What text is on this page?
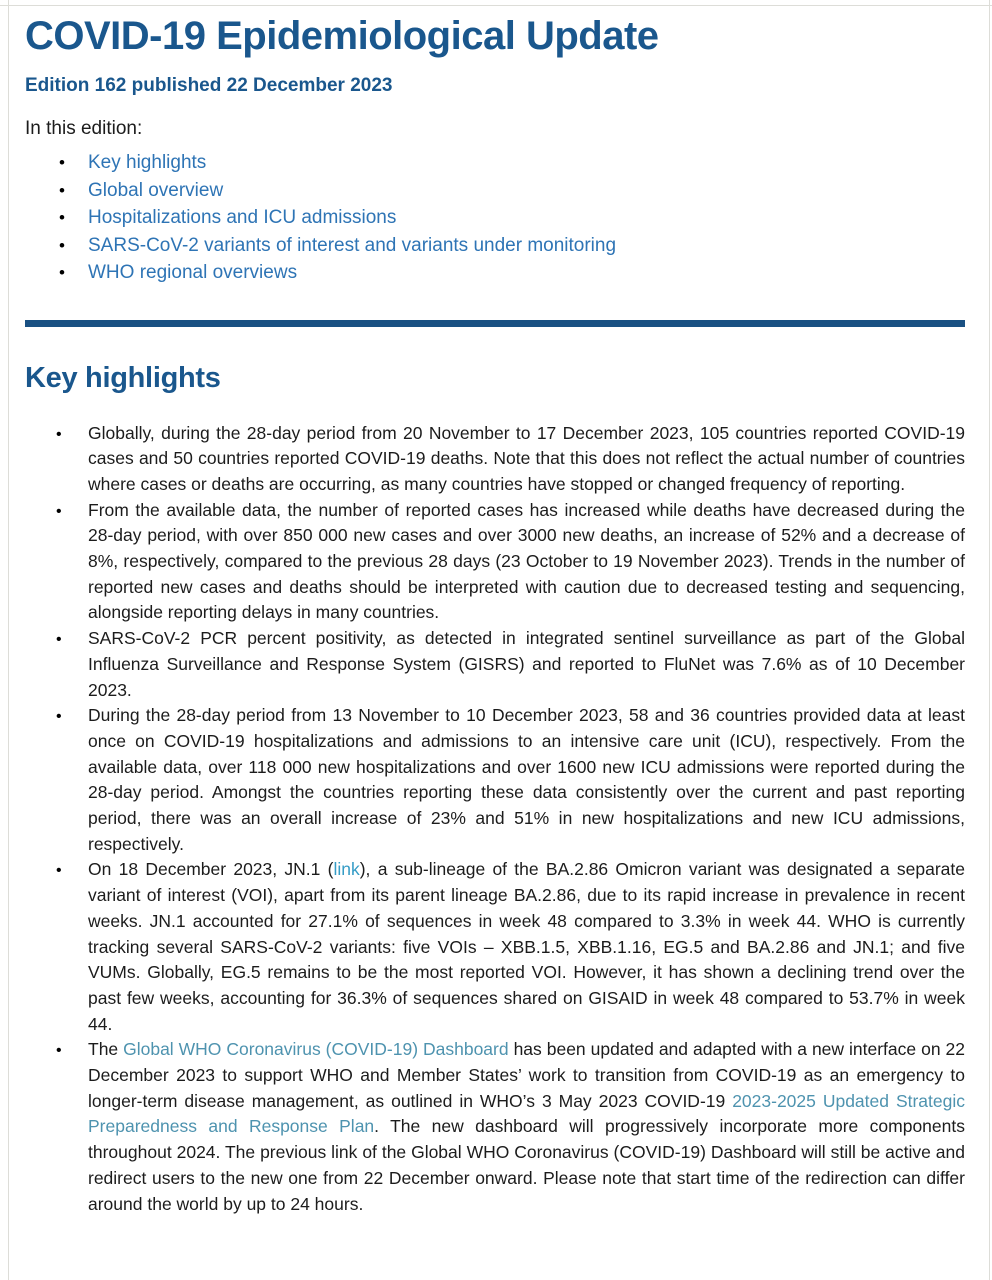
COVID-19 Epidemiological Update
Edition 162 published 22 December 2023
In this edition:
• Key highlights
• Global overview
• Hospitalizations and ICU admissions
• SARS-CoV-2 variants of interest and variants under monitoring
• WHO regional overviews
Key highlights
• Globally, during the 28-day period from 20 November to 17 December 2023, 105 countries reported COVID-19 cases and 50 countries reported COVID-19 deaths. Note that this does not reflect the actual number of countries where cases or deaths are occurring, as many countries have stopped or changed frequency of reporting.
• From the available data, the number of reported cases has increased while deaths have decreased during the 28-day period, with over 850 000 new cases and over 3000 new deaths, an increase of 52% and a decrease of 8%, respectively, compared to the previous 28 days (23 October to 19 November 2023). Trends in the number of reported new cases and deaths should be interpreted with caution due to decreased testing and sequencing, alongside reporting delays in many countries.
• SARS-CoV-2 PCR percent positivity, as detected in integrated sentinel surveillance as part of the Global Influenza Surveillance and Response System (GISRS) and reported to FluNet was 7.6% as of 10 December 2023.
• During the 28-day period from 13 November to 10 December 2023, 58 and 36 countries provided data at least once on COVID-19 hospitalizations and admissions to an intensive care unit (ICU), respectively. From the available data, over 118 000 new hospitalizations and over 1600 new ICU admissions were reported during the 28-day period. Amongst the countries reporting these data consistently over the current and past reporting period, there was an overall increase of 23% and 51% in new hospitalizations and new ICU admissions, respectively.
• On 18 December 2023, JN.1 (link), a sub-lineage of the BA.2.86 Omicron variant was designated a separate variant of interest (VOI), apart from its parent lineage BA.2.86, due to its rapid increase in prevalence in recent weeks. JN.1 accounted for 27.1% of sequences in week 48 compared to 3.3% in week 44. WHO is currently tracking several SARS-CoV-2 variants: five VOIs – XBB.1.5, XBB.1.16, EG.5 and BA.2.86 and JN.1; and five VUMs. Globally, EG.5 remains to be the most reported VOI. However, it has shown a declining trend over the past few weeks, accounting for 36.3% of sequences shared on GISAID in week 48 compared to 53.7% in week 44.
• The Global WHO Coronavirus (COVID-19) Dashboard has been updated and adapted with a new interface on 22 December 2023 to support WHO and Member States’ work to transition from COVID-19 as an emergency to longer-term disease management, as outlined in WHO’s 3 May 2023 COVID-19 2023-2025 Updated Strategic Preparedness and Response Plan. The new dashboard will progressively incorporate more components throughout 2024. The previous link of the Global WHO Coronavirus (COVID-19) Dashboard will still be active and redirect users to the new one from 22 December onward. Please note that start time of the redirection can differ around the world by up to 24 hours.
